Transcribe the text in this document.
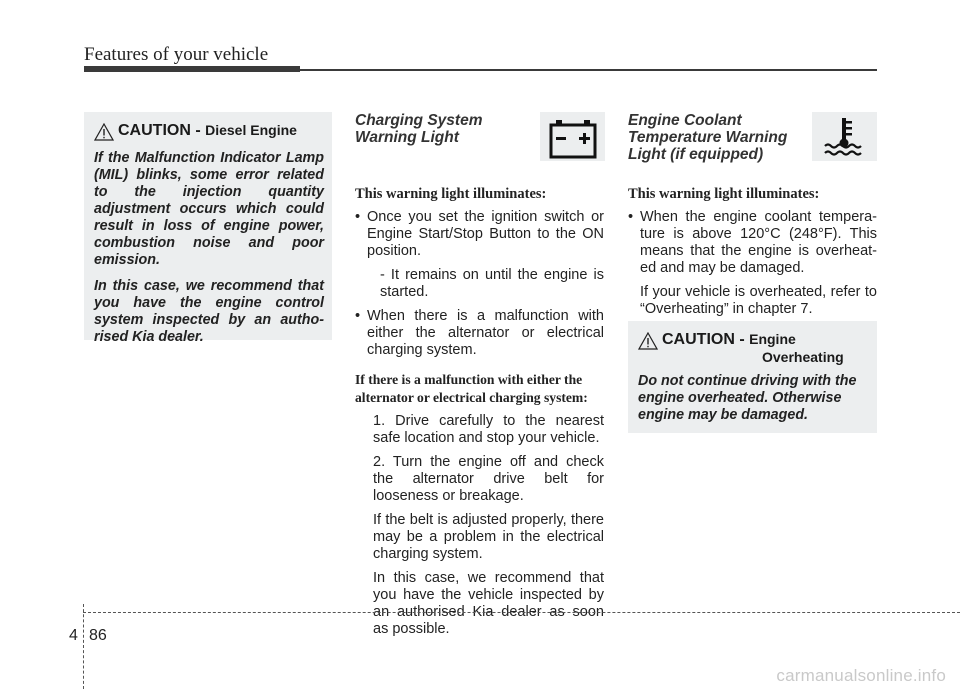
Features of your vehicle
CAUTION - Diesel Engine

If the Malfunction Indicator Lamp (MIL) blinks, some error related to the injection quantity adjustment occurs which could result in loss of engine power, combustion noise and poor emission.

In this case, we recommend that you have the engine control system inspected by an autho-rised Kia dealer.

Charging System
Warning Light
This warning light illuminates:
• Once you set the ignition switch or Engine Start/Stop Button to the ON position.
- It remains on until the engine is started.
• When there is a malfunction with either the alternator or electrical charging system.
If there is a malfunction with either the alternator or electrical charging system:
1. Drive carefully to the nearest safe location and stop your vehicle.
2. Turn the engine off and check the alternator drive belt for looseness or breakage.
If the belt is adjusted properly, there may be a problem in the electrical charging system.
In this case, we recommend that you have the vehicle inspected by an authorised Kia dealer as soon as possible.
Engine Coolant
Temperature Warning
Light (if equipped)
This warning light illuminates:
• When the engine coolant tempera-ture is above 120°C (248°F). This means that the engine is overheat-ed and may be damaged.
If your vehicle is overheated, refer to “Overheating” in chapter 7.
CAUTION - Engine
Overheating

Do not continue driving with the engine overheated. Otherwise engine may be damaged.

4 86
carmanualsonline.info
